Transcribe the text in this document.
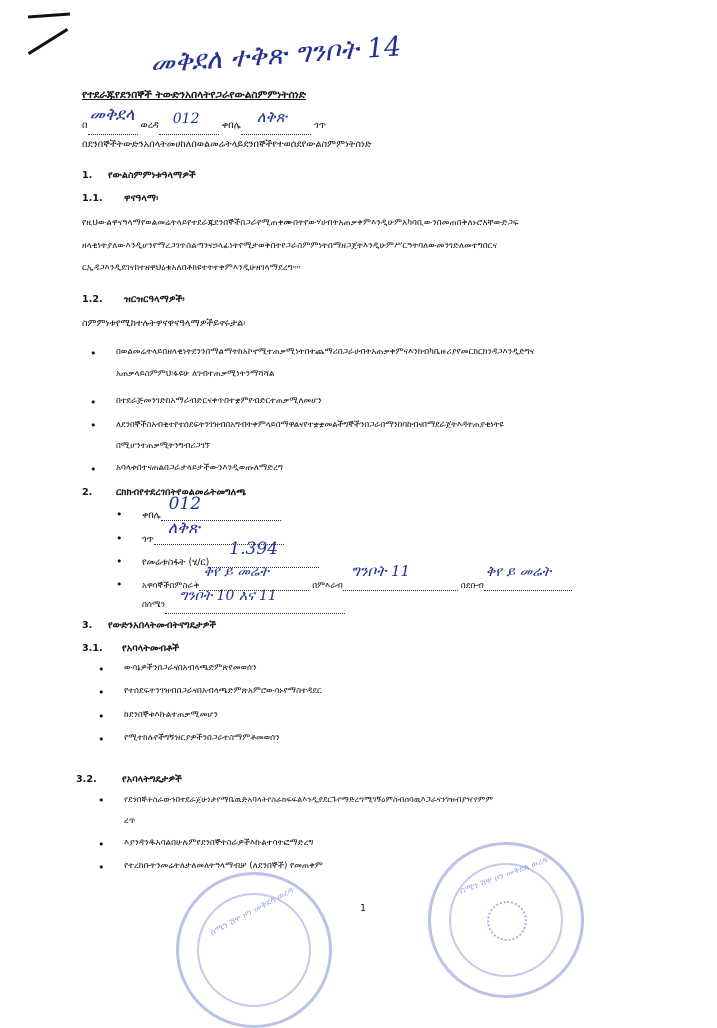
መቅደለ ተቅጽ ግንቦት 14
የተደራጁየደንበኞች ትውድንአበላትየጋራየውልስምምነትሰነድ
በ
መቅደላ
ወረዳ 012 ቀበሌ ለቅጽ	ጎጥ
በደንበኞችትውድንአበላትመሀከለበወልመሬትላይደንበኞችየተወሰደየውልስምምነትሰነድ
1. የውልስምምነቱዓላማዎች
1.1. ዋናዓላማ፡
የዚህውልዋናዓላማየወልመሬትላይየተደራጁደንበኞችበጋራየሚጠቀሙበትየውሃሀብትአጠቃቀምእንዲሁምአካባቢውንበመጠበቅለኑሮአቸውድጋፍ
ዘላቂነትያለውእንዲሆንየማረጋገጥስልጣንናኃላፊነትየሚታወቅበትየጋራስምምነትበማዘጋጀትእንዲሁምሥርዓትባለውመንገድለመተግበርና
ርኢዳጋእንዲደገናከተዘዋህዕቁአለበቶክዩተትተቀምእንዲሁዘገላማደረግ።።
1.2. ዝርዝርዓላማዎች፡
ስምምነቱየሚከተሉትዋናዋናዓላማዎችይኖሩታል፡
• በወልመሬትላይበዘላቂነትደንንበማልማትከአኮኖሚተጠቃሚነትበተጨማሪበጋራሀብትአጠቃቀምናእንክብካቤዙሪያየመርክርክንዳጋእንዲድግና
አጠቃላይስምምህ፡ፋዩሁ ለገብተጠቃሚነትንማሻሻል
• በተደራጅመንገድከአማራብድርናቀጥበተቋምየብድርተጠቃሚለመሆን
• ለደንበኞችስአብቂተየተሰደፍትንገዝብበአግብትቀምላይበማዋልናየተቋቋመልችግኞችንበጋራበማንከባከብናበማደራጀትእዳትጠያቂነትዩ
በሚሆንተጠቃሚትንግብሪጋገኘ
• አባላቱበተናጠልበጋራታላይታችውንእንዲወጡለማድረግ
2. ርክክብየተደረገበትየወልመሬትመግለጫ
• ቀበሌ
012
• ጎጥ
ለቅጽ
• የመሬቱስፋት (ሄ/ር)
1.394
• አዋሳኞችበምስራቅ
ቅየ ይ መሬት
በምእራብ
ግንቦት 11
በደቡብ
ቅየ ይ መሬት
በሰሜን
ግንቦት 10 እና 11
3. የውድንአበላትመብትናግዴታዎች
3.1. የአባላትመብቶች
• ውሳኔዎችንበጋራናበአብላጫድምጽየመወሰን
• የተሰደፍትንገዝብበጋራናበአብላጫድምጽአምሮውሳኑየማስተዳደር
• ከደንበኞቱእኩልተጠቃሚመሆን
• የሚተከሉየችግኝዝርያዎችንበጋራተስማምቶመወሰን
3.2.	የአባላትግዴታዎች
• የደንበኞትስራውንበተደራጀሁነታየማቤዉድአባላትየስራክፍፍልእንዲያደርጉየማድረግሚገኝዕምስብሰባዉእጋራናንገዝብያዣየምም
ረጥ
• እያንዳንዱአባልበሁሉምየደንበኞትስራዎችእኩልተሳትፎማድረግ
• የተረከቡትንመሬትለታለመለትዓላማብቻ (ለደንበኞች) የመጠቀም
1
ሰሜን ሸዋ ዞን መቅደላ ወረዳ
ሰሜን ሸዋ ዞን መቅደላ ወረዳ
